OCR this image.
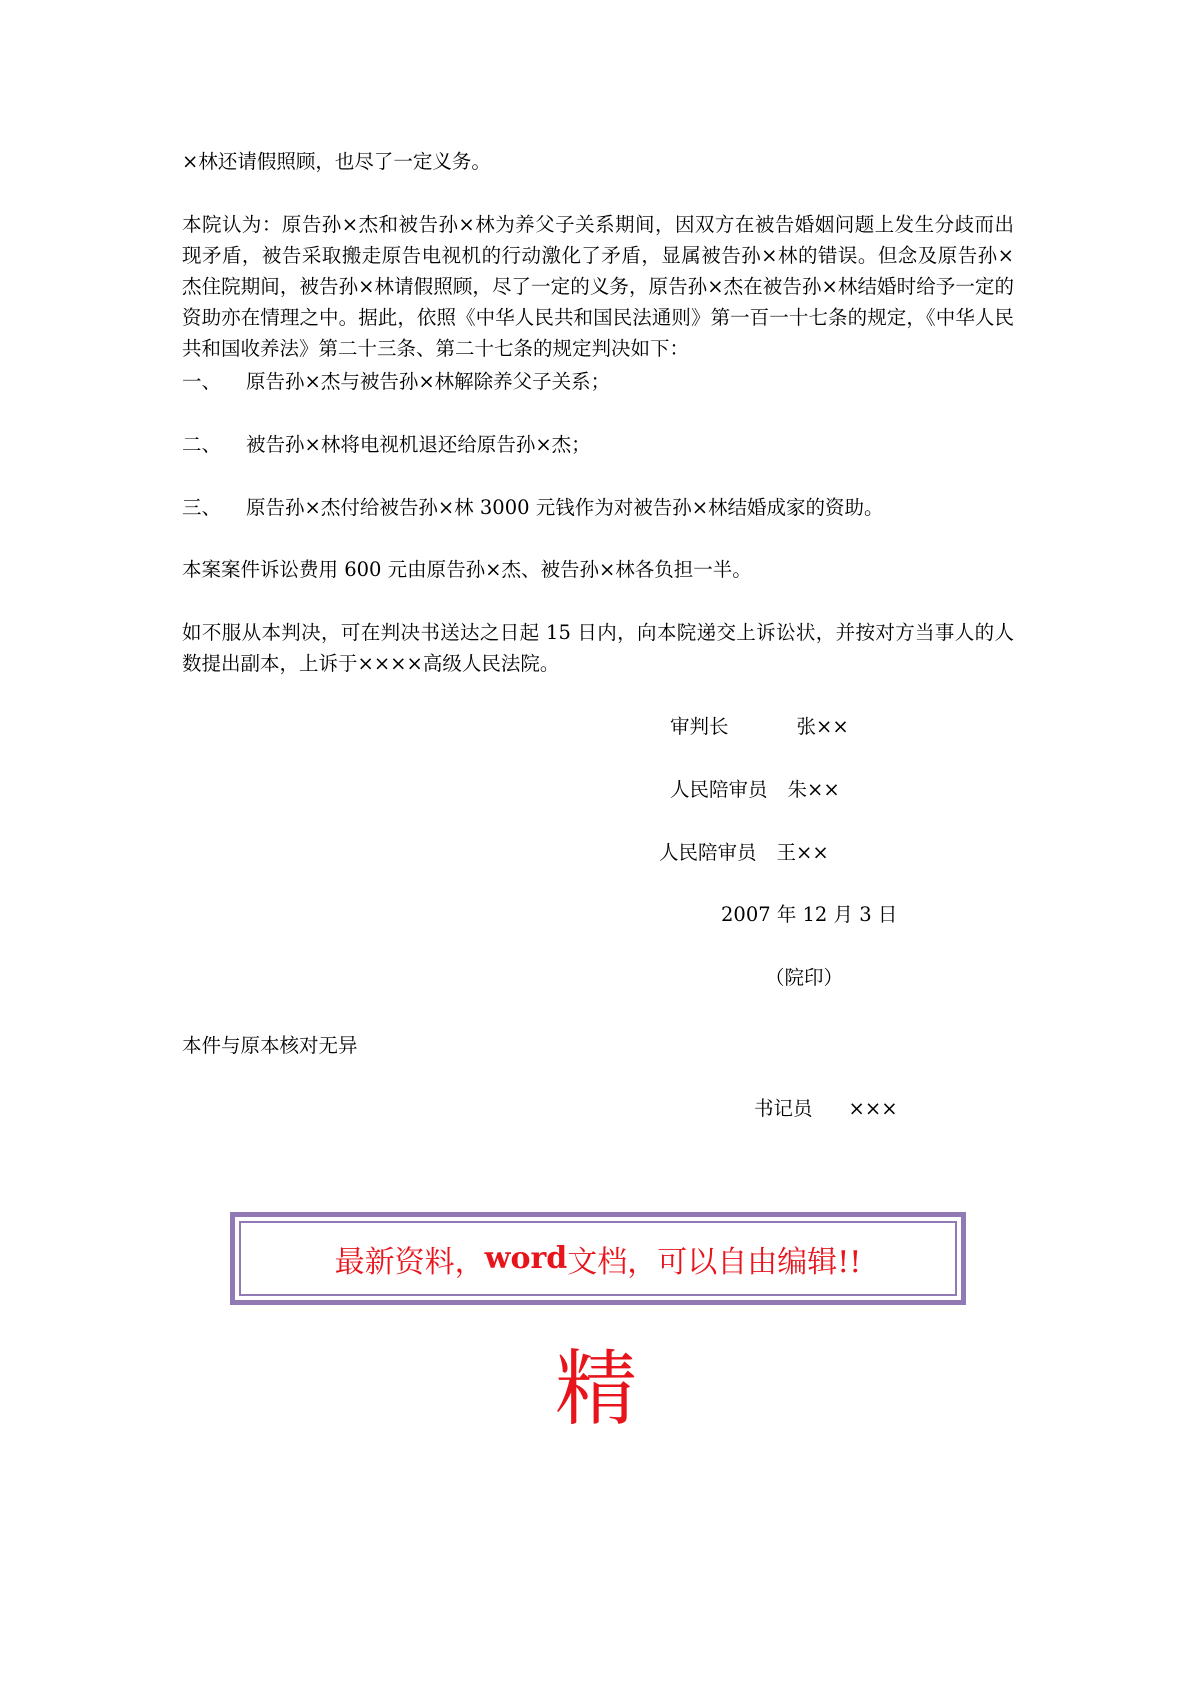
×林还请假照顾，也尽了一定义务。
本院认为：原告孙×杰和被告孙×林为养父子关系期间，因双方在被告婚姻问题上发生分歧而出现矛盾，被告采取搬走原告电视机的行动激化了矛盾，显属被告孙×林的错误。但念及原告孙×杰住院期间，被告孙×林请假照顾，尽了一定的义务，原告孙×杰在被告孙×林结婚时给予一定的资助亦在情理之中。据此，依照《中华人民共和国民法通则》第一百一十七条的规定，《中华人民共和国收养法》第二十三条、第二十七条的规定判决如下：
一、 原告孙×杰与被告孙×林解除养父子关系；
二、 被告孙×林将电视机退还给原告孙×杰；
三、 原告孙×杰付给被告孙×林 3000 元钱作为对被告孙×林结婚成家的资助。
本案案件诉讼费用 600 元由原告孙×杰、被告孙×林各负担一半。
如不服从本判决，可在判决书送达之日起 15 日内，向本院递交上诉讼状，并按对方当事人的人数提出副本，上诉于××××高级人民法院。
审判长	张××
人民陪审员 朱××
人民陪审员 王××
2007 年 12 月 3 日
（院印）
本件与原本核对无异
书记员 ×××
最新资料， word 文档，可以自由编辑!!
精
